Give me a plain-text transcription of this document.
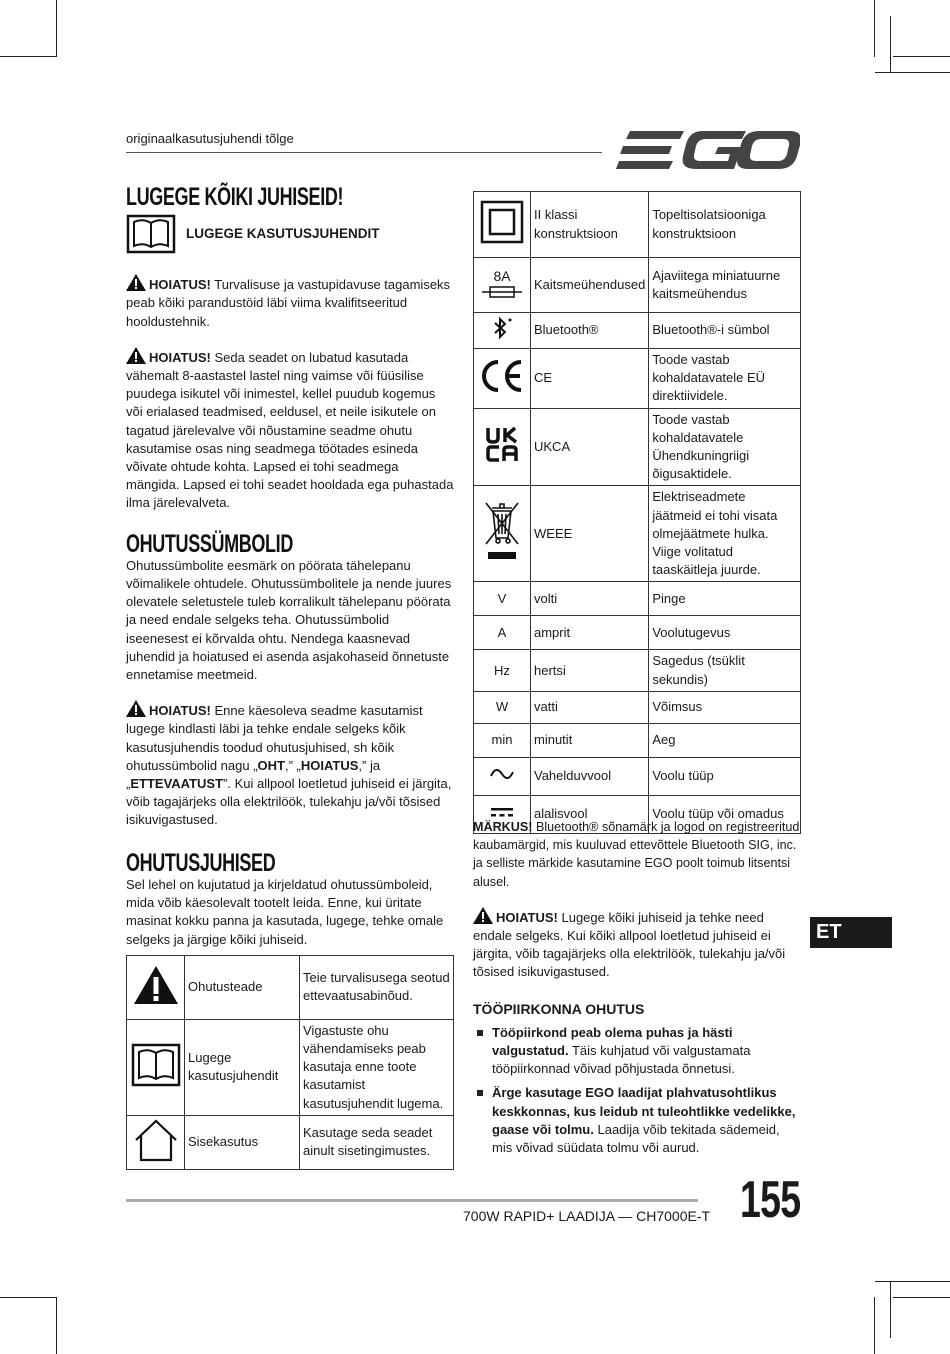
originaalkasutusjuhendi tõlge
LUGEGE KÕIKI JUHISEID!
LUGEGE KASUTUSJUHENDIT

HOIATUS! Turvalisuse ja vastupidavuse tagamiseks peab kõiki parandustöid läbi viima kvalifitseeritud hooldustehnik.

HOIATUS! Seda seadet on lubatud kasutada vähemalt 8-aastastel lastel ning vaimse või füüsilise puudega isikutel või inimestel, kellel puudub kogemus või erialased teadmised, eeldusel, et neile isikutele on tagatud järelevalve või nõustamine seadme ohutu kasutamise osas ning seadmega töötades esineda võivate ohtude kohta. Lapsed ei tohi seadmega mängida. Lapsed ei tohi seadet hooldada ega puhastada ilma järelevalveta.

OHUTUSSÜMBOLID

Ohutussümbolite eesmärk on pöörata tähelepanu võimalikele ohtudele. Ohutussümbolitele ja nende juures olevatele seletustele tuleb korralikult tähelepanu pöörata ja need endale selgeks teha. Ohutussümbolid iseenesest ei kõrvalda ohtu. Nendega kaasnevad juhendid ja hoiatused ei asenda asjakohaseid õnnetuste ennetamise meetmeid.

HOIATUS! Enne käesoleva seadme kasutamist lugege kindlasti läbi ja tehke endale selgeks kõik kasutusjuhendis toodud ohutusjuhised, sh kõik ohutussümbolid nagu „OHT,” „HOIATUS,” ja „ETTEVAATUST”. Kui allpool loetletud juhiseid ei järgita, võib tagajärjeks olla elektrilöök, tulekahju ja/või tõsised isikuvigastused.

OHUTUSJUHISED

Sel lehel on kujutatud ja kirjeldatud ohutussümboleid, mida võib käesolevalt tootelt leida. Enne, kui üritate masinat kokku panna ja kasutada, lugege, tehke omale selgeks ja järgige kõiki juhiseid.

	Ohutusteade	Teie turvalisusega seotud ettevaatusabinõud.
	Lugege kasutusjuhendit	Vigastuste ohu vähendamiseks peab kasutaja enne toote kasutamist kasutusjuhendit lugema.
	Sisekasutus	Kasutage seda seadet ainult sisetingimustes.
	II klassi konstruktsioon	Topeltisolatsiooniga konstruktsioon

8A	Kaitsmeühendused	Ajaviitega miniatuurne kaitsmeühendus
	Bluetooth®	Bluetooth®-i sümbol
	CE	Toode vastab kohaldatavatele EÜ direktiividele.
	UKCA	Toode vastab kohaldatavatele Ühendkuningriigi õigusaktidele.
	WEEE	Elektriseadmete jäätmeid ei tohi visata olmejäätmete hulka. Viige volitatud taaskäitleja juurde.
V	volti	Pinge
A	amprit	Voolutugevus
Hz	hertsi	Sagedus (tsüklit sekundis)
W	vatti	Võimsus
min	minutit	Aeg
	Vahelduvvool	Voolu tüüp
	alalisvool	Voolu tüüp või omadus

MÄRKUS! Bluetooth® sõnamärk ja logod on registreeritud kaubamärgid, mis kuuluvad ettevõttele Bluetooth SIG, inc. ja selliste märkide kasutamine EGO poolt toimub litsentsi alusel.

HOIATUS! Lugege kõiki juhiseid ja tehke need endale selgeks. Kui kõiki allpool loetletud juhiseid ei järgita, võib tagajärjeks olla elektrilöök, tulekahju ja/või tõsised isikuvigastused.

TÖÖPIIRKONNA OHUTUS
Tööpiirkond peab olema puhas ja hästi valgustatud. Täis kuhjatud või valgustamata tööpiirkonnad võivad põhjustada õnnetusi.
Ärge kasutage EGO laadijat plahvatusohtlikus keskkonnas, kus leidub nt tuleohtlikke vedelikke, gaase või tolmu. Laadija võib tekitada sädemeid, mis võivad süüdata tolmu või aurud.
ET
700W RAPID+ LAADIJA — CH7000E-T 155
